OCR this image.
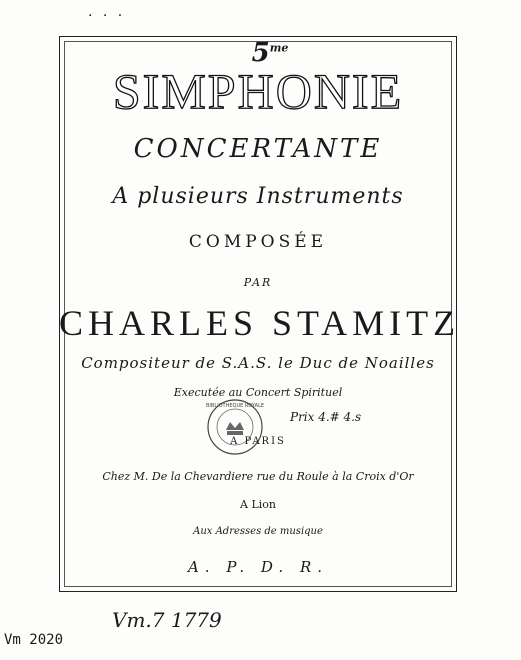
. . .
$5^{me}$
SIMPHONIE
CONCERTANTE
A plusieurs Instruments
COMPOSÉE
PAR
CHARLES STAMITZ
Compositeur de S.A.S. le Duc de Noailles
Executée au Concert Spirituel
BIBLIOTHEQUE ROYALE
Prix 4.# 4.s
A PARIS
Chez M. De la Chevardiere rue du Roule à la Croix d'Or
A Lion
Aux Adresses de musique
A. P. D. R.
Vm.7 1779
Vm 2020
